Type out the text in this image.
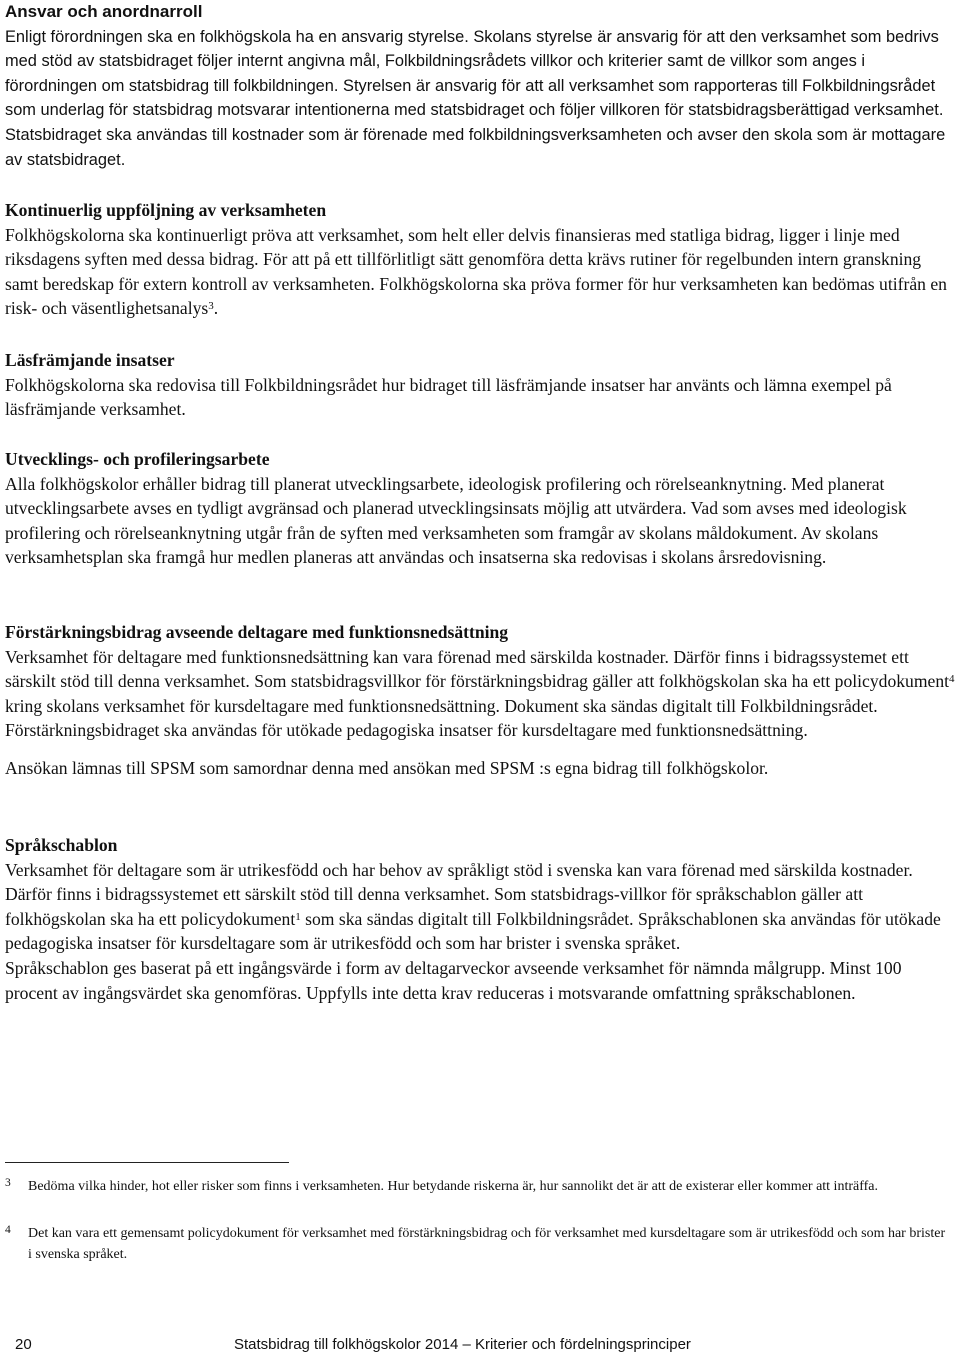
Ansvar och anordnarroll

Enligt förordningen ska en folkhögskola ha en ansvarig styrelse. Skolans styrelse är ansvarig för att den verksamhet som bedrivs med stöd av statsbidraget följer internt angivna mål, Folkbildningsrådets villkor och kriterier samt de villkor som anges i förordningen om statsbidrag till folkbildningen. Styrelsen är ansvarig för att all verksamhet som rapporteras till Folkbildningsrådet som underlag för statsbidrag motsvarar intentionerna med statsbidraget och följer villkoren för statsbidragsberättigad verksamhet. Statsbidraget ska användas till kostnader som är förenade med folkbildningsverksamheten och avser den skola som är mottagare av statsbidraget.

Kontinuerlig uppföljning av verksamheten

Folkhögskolorna ska kontinuerligt pröva att verksamhet, som helt eller delvis finansieras med statliga bidrag, ligger i linje med riksdagens syften med dessa bidrag. För att på ett tillförlitligt sätt genomföra detta krävs rutiner för regelbunden intern granskning samt beredskap för extern kontroll av verksamheten. Folkhögskolorna ska pröva former för hur verksamheten kan bedömas utifrån en risk- och väsentlighetsanalys$^3$.

Läsfrämjande insatser

Folkhögskolorna ska redovisa till Folkbildningsrådet hur bidraget till läsfrämjande insatser har använts och lämna exempel på läsfrämjande verksamhet.

Utvecklings- och profileringsarbete

Alla folkhögskolor erhåller bidrag till planerat utvecklingsarbete, ideologisk profilering och rörelseanknytning. Med planerat utvecklingsarbete avses en tydligt avgränsad och planerad utvecklingsinsats möjlig att utvärdera. Vad som avses med ideologisk profilering och rörelseanknytning utgår från de syften med verksamheten som framgår av skolans måldokument. Av skolans verksamhetsplan ska framgå hur medlen planeras att användas och insatserna ska redovisas i skolans årsredovisning.

Förstärkningsbidrag avseende deltagare med funktionsnedsättning

Verksamhet för deltagare med funktionsnedsättning kan vara förenad med särskilda kostnader. Därför finns i bidragssystemet ett särskilt stöd till denna verksamhet. Som statsbidragsvillkor för förstärkningsbidrag gäller att folkhögskolan ska ha ett policydokument$^4$ kring skolans verksamhet för kursdeltagare med funktionsnedsättning. Dokument ska sändas digitalt till Folkbildningsrådet. Förstärkningsbidraget ska användas för utökade pedagogiska insatser för kursdeltagare med funktionsnedsättning.

Ansökan lämnas till SPSM som samordnar denna med ansökan med SPSM :s egna bidrag till folkhögskolor.

Språkschablon

Verksamhet för deltagare som är utrikesfödd och har behov av språkligt stöd i svenska kan vara förenad med särskilda kostnader. Därför finns i bidragssystemet ett särskilt stöd till denna verksamhet. Som statsbidrags-villkor för språkschablon gäller att folkhögskolan ska ha ett policydokument$^1$ som ska sändas digitalt till Folkbildningsrådet. Språkschablonen ska användas för utökade pedagogiska insatser för kursdeltagare som är utrikesfödd och som har brister i svenska språket.

Språkschablon ges baserat på ett ingångsvärde i form av deltagarveckor avseende verksamhet för nämnda målgrupp. Minst 100 procent av ingångsvärdet ska genomföras. Uppfylls inte detta krav reduceras i motsvarande omfattning språkschablonen.

3 Bedöma vilka hinder, hot eller risker som finns i verksamheten. Hur betydande riskerna är, hur sannolikt det är att de existerar eller kommer att inträffa.
4 Det kan vara ett gemensamt policydokument för verksamhet med förstärkningsbidrag och för verksamhet med kursdeltagare som är utrikesfödd och som har brister i svenska språket.
20	Statsbidrag till folkhögskolor 2014 – Kriterier och fördelningsprinciper
